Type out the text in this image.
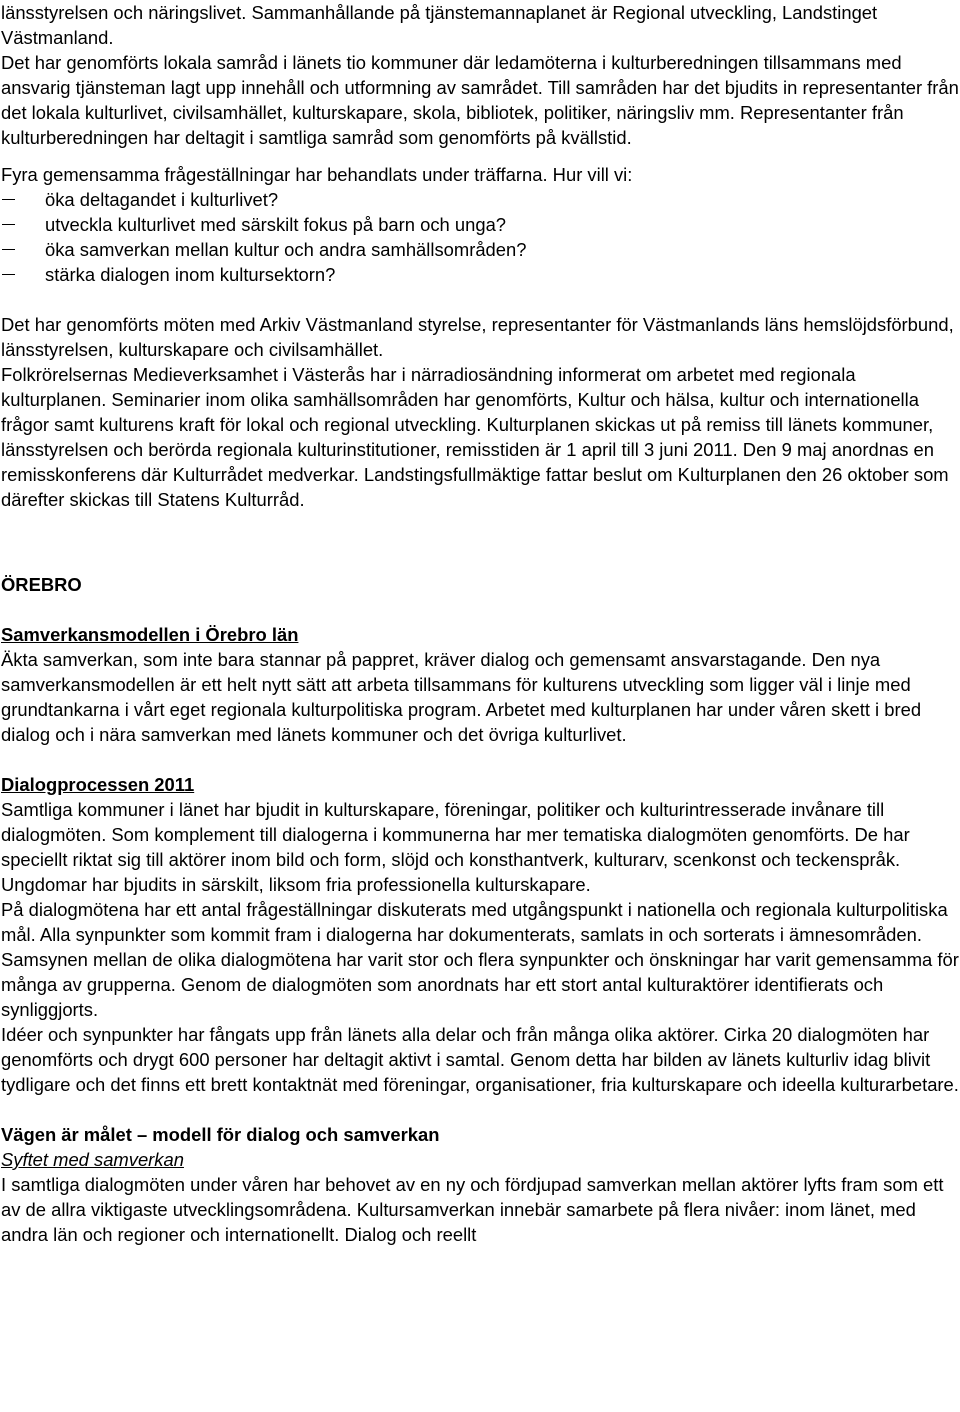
länsstyrelsen och näringslivet. Sammanhållande på tjänstemannaplanet är Regional utveckling, Landstinget Västmanland.

Det har genomförts lokala samråd i länets tio kommuner där ledamöterna i kulturberedningen tillsammans med ansvarig tjänsteman lagt upp innehåll och utformning av samrådet. Till samråden har det bjudits in representanter från det lokala kulturlivet, civilsamhället, kulturskapare, skola, bibliotek, politiker, näringsliv mm. Representanter från kulturberedningen har deltagit i samtliga samråd som genomförts på kvällstid.

Fyra gemensamma frågeställningar har behandlats under träffarna. Hur vill vi:

öka deltagandet i kulturlivet?
utveckla kulturlivet med särskilt fokus på barn och unga?
öka samverkan mellan kultur och andra samhällsområden?
stärka dialogen inom kultursektorn?

Det har genomförts möten med Arkiv Västmanland styrelse, representanter för Västmanlands läns hemslöjdsförbund, länsstyrelsen, kulturskapare och civilsamhället.

Folkrörelsernas Medieverksamhet i Västerås har i närradiosändning informerat om arbetet med regionala kulturplanen. Seminarier inom olika samhällsområden har genomförts, Kultur och hälsa, kultur och internationella frågor samt kulturens kraft för lokal och regional utveckling. Kulturplanen skickas ut på remiss till länets kommuner, länsstyrelsen och berörda regionala kulturinstitutioner, remisstiden är 1 april till 3 juni 2011. Den 9 maj anordnas en remisskonferens där Kulturrådet medverkar. Landstingsfullmäktige fattar beslut om Kulturplanen den 26 oktober som därefter skickas till Statens Kulturråd.

ÖREBRO

Samverkansmodellen i Örebro län

Äkta samverkan, som inte bara stannar på pappret, kräver dialog och gemensamt ansvarstagande. Den nya samverkansmodellen är ett helt nytt sätt att arbeta tillsammans för kulturens utveckling som ligger väl i linje med grundtankarna i vårt eget regionala kulturpolitiska program. Arbetet med kulturplanen har under våren skett i bred dialog och i nära samverkan med länets kommuner och det övriga kulturlivet.

Dialogprocessen 2011

Samtliga kommuner i länet har bjudit in kulturskapare, föreningar, politiker och kulturintresserade invånare till dialogmöten. Som komplement till dialogerna i kommunerna har mer tematiska dialogmöten genomförts. De har speciellt riktat sig till aktörer inom bild och form, slöjd och konsthantverk, kulturarv, scenkonst och teckenspråk. Ungdomar har bjudits in särskilt, liksom fria professionella kulturskapare.

På dialogmötena har ett antal frågeställningar diskuterats med utgångspunkt i nationella och regionala kulturpolitiska mål. Alla synpunkter som kommit fram i dialogerna har dokumenterats, samlats in och sorterats i ämnesområden. Samsynen mellan de olika dialogmötena har varit stor och flera synpunkter och önskningar har varit gemensamma för många av grupperna. Genom de dialogmöten som anordnats har ett stort antal kulturaktörer identifierats och synliggjorts.

Idéer och synpunkter har fångats upp från länets alla delar och från många olika aktörer. Cirka 20 dialogmöten har genomförts och drygt 600 personer har deltagit aktivt i samtal. Genom detta har bilden av länets kulturliv idag blivit tydligare och det finns ett brett kontaktnät med föreningar, organisationer, fria kulturskapare och ideella kulturarbetare.

Vägen är målet – modell för dialog och samverkan

Syftet med samverkan

I samtliga dialogmöten under våren har behovet av en ny och fördjupad samverkan mellan aktörer lyfts fram som ett av de allra viktigaste utvecklingsområdena. Kultursamverkan innebär samarbete på flera nivåer: inom länet, med andra län och regioner och internationellt. Dialog och reellt
